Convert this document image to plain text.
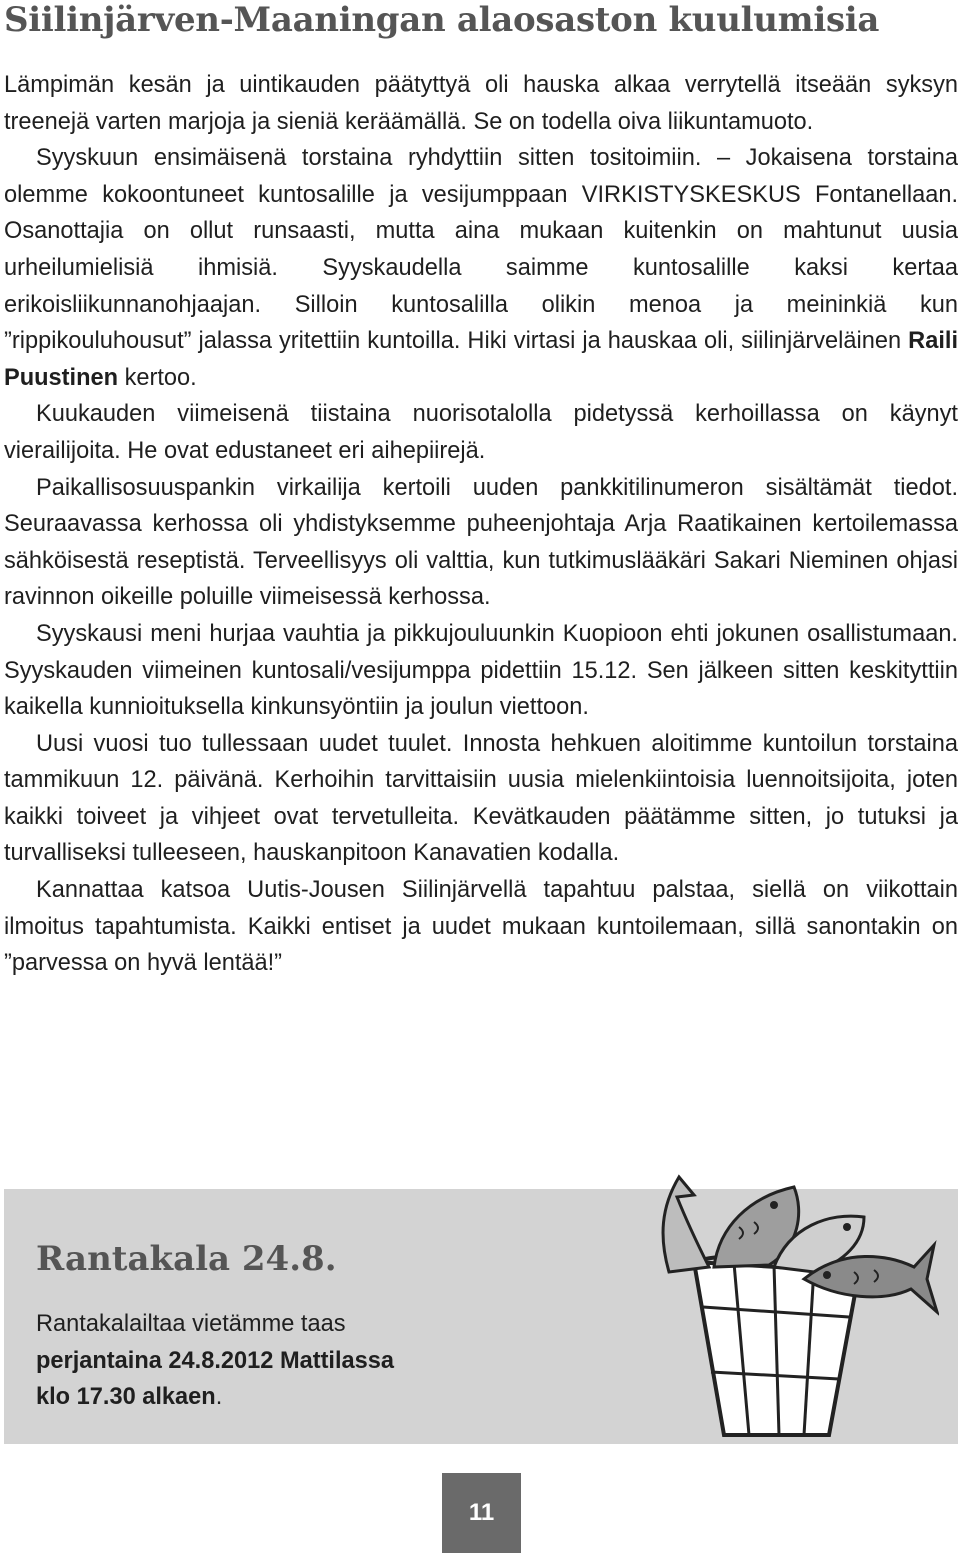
Siilinjärven-Maaningan alaosaston kuulumisia

Lämpimän kesän ja uintikauden päätyttyä oli hauska alkaa verrytellä itseään syksyn treenejä varten marjoja ja sieniä keräämällä. Se on todella oiva liikuntamuoto.

Syyskuun ensimäisenä torstaina ryhdyttiin sitten tositoimiin. – Jokaisena torstaina olemme kokoontuneet kuntosalille ja vesijumppaan VIRKISTYSKESKUS Fontanellaan. Osanottajia on ollut runsaasti, mutta aina mukaan kuitenkin on mahtunut uusia urheilumielisiä ihmisiä. Syyskaudella saimme kuntosalille kaksi kertaa erikoisliikunnanohjaajan. Silloin kuntosalilla olikin menoa ja meininkiä kun ”rippikouluhousut” jalassa yritettiin kuntoilla. Hiki virtasi ja hauskaa oli, siilinjärveläinen Raili Puustinen kertoo.

Kuukauden viimeisenä tiistaina nuorisotalolla pidetyssä kerhoillassa on käynyt vierailijoita. He ovat edustaneet eri aihepiirejä.

Paikallisosuuspankin virkailija kertoili uuden pankkitilinumeron sisältämät tiedot. Seuraavassa kerhossa oli yhdistyksemme puheenjohtaja Arja Raatikainen kertoilemassa sähköisestä reseptistä. Terveellisyys oli valttia, kun tutkimuslääkäri Sakari Nieminen ohjasi ravinnon oikeille poluille viimeisessä kerhossa.

Syyskausi meni hurjaa vauhtia ja pikkujouluunkin Kuopioon ehti jokunen osallistumaan. Syyskauden viimeinen kuntosali/vesijumppa pidettiin 15.12. Sen jälkeen sitten keskityttiin kaikella kunnioituksella kinkunsyöntiin ja joulun viettoon.

Uusi vuosi tuo tullessaan uudet tuulet. Innosta hehkuen aloitimme kuntoilun torstaina tammikuun 12. päivänä. Kerhoihin tarvittaisiin uusia mielenkiintoisia luennoitsijoita, joten kaikki toiveet ja vihjeet ovat tervetulleita. Kevätkauden päätämme sitten, jo tutuksi ja turvalliseksi tulleeseen, hauskanpitoon Kanavatien kodalla.

Kannattaa katsoa Uutis-Jousen Siilinjärvellä tapahtuu palstaa, siellä on viikottain ilmoitus tapahtumista. Kaikki entiset ja uudet mukaan kuntoilemaan, sillä sanontakin on ”parvessa on hyvä lentää!”

Rantakala 24.8.
Rantakalailtaa vietämme taas
perjantaina 24.8.2012 Mattilassa
klo 17.30 alkaen.
11
